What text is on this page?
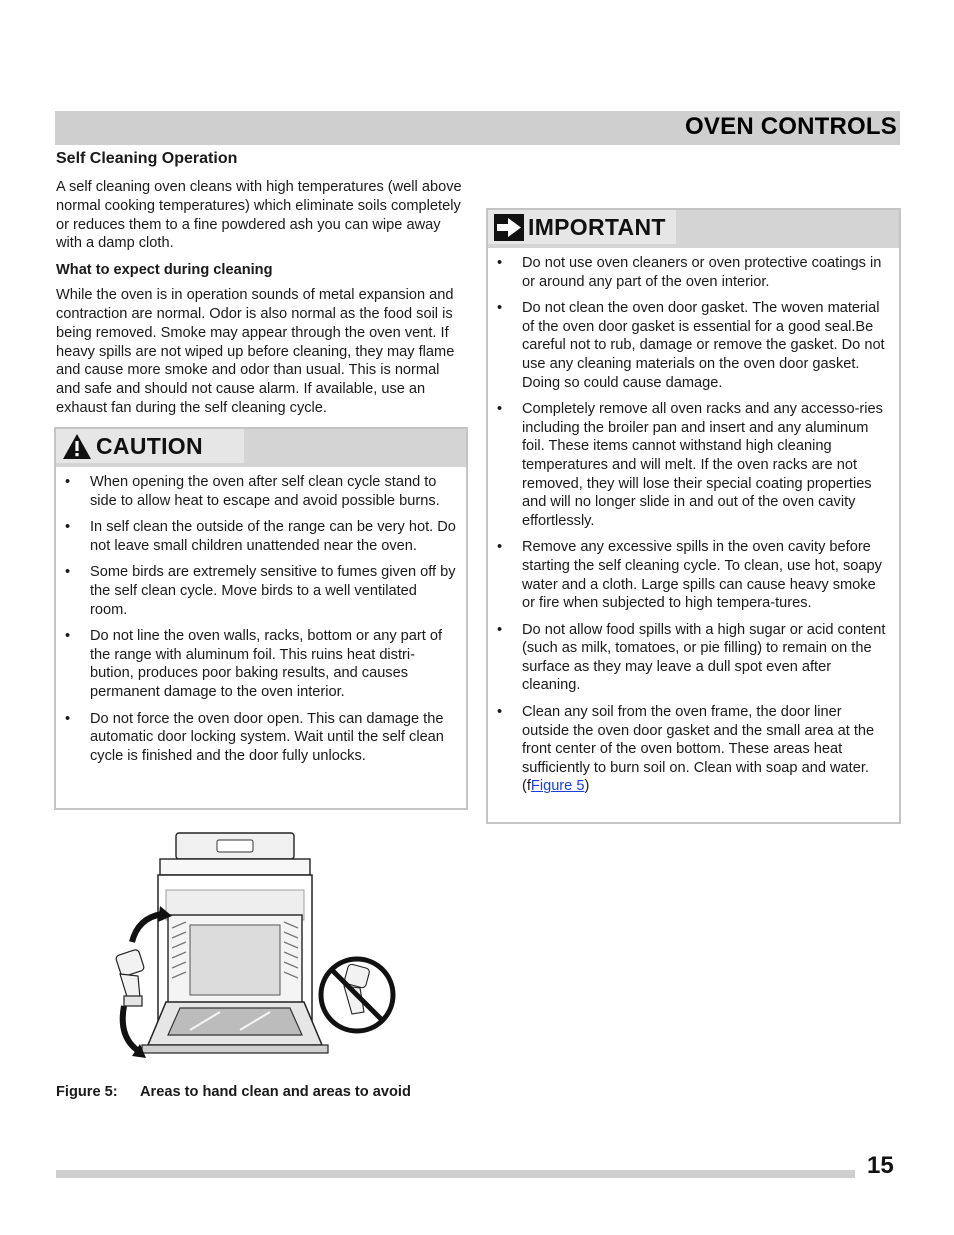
OVEN CONTROLS
Self Cleaning Operation

A self cleaning oven cleans with high temperatures (well above normal cooking temperatures) which eliminate soils completely or reduces them to a fine powdered ash you can wipe away with a damp cloth.

What to expect during cleaning

While the oven is in operation sounds of metal expansion and contraction are normal. Odor is also normal as the food soil is being removed. Smoke may appear through the oven vent. If heavy spills are not wiped up before cleaning, they may flame and cause more smoke and odor than usual. This is normal and safe and should not cause alarm. If available, use an exhaust fan during the self cleaning cycle.

CAUTION
• When opening the oven after self clean cycle stand to side to allow heat to escape and avoid possible burns.
• In self clean the outside of the range can be very hot. Do not leave small children unattended near the oven.
• Some birds are extremely sensitive to fumes given off by the self clean cycle. Move birds to a well ventilated room.
• Do not line the oven walls, racks, bottom or any part of the range with aluminum foil. This ruins heat distri-bution, produces poor baking results, and causes permanent damage to the oven interior.
• Do not force the oven door open. This can damage the automatic door locking system. Wait until the self clean cycle is finished and the door fully unlocks.
IMPORTANT
• Do not use oven cleaners or oven protective coatings in or around any part of the oven interior.
• Do not clean the oven door gasket. The woven material of the oven door gasket is essential for a good seal.Be careful not to rub, damage or remove the gasket. Do not use any cleaning materials on the oven door gasket. Doing so could cause damage.
• Completely remove all oven racks and any accesso-ries including the broiler pan and insert and any aluminum foil. These items cannot withstand high cleaning temperatures and will melt. If the oven racks are not removed, they will lose their special coating properties and will no longer slide in and out of the oven cavity effortlessly.
• Remove any excessive spills in the oven cavity before starting the self cleaning cycle. To clean, use hot, soapy water and a cloth. Large spills can cause heavy smoke or fire when subjected to high tempera-tures.
• Do not allow food spills with a high sugar or acid content (such as milk, tomatoes, or pie filling) to remain on the surface as they may leave a dull spot even after cleaning.
• Clean any soil from the oven frame, the door liner outside the oven door gasket and the small area at the front center of the oven bottom. These areas heat sufficiently to burn soil on. Clean with soap and water. (fFigure 5)
Figure 5: Areas to hand clean and areas to avoid
15
